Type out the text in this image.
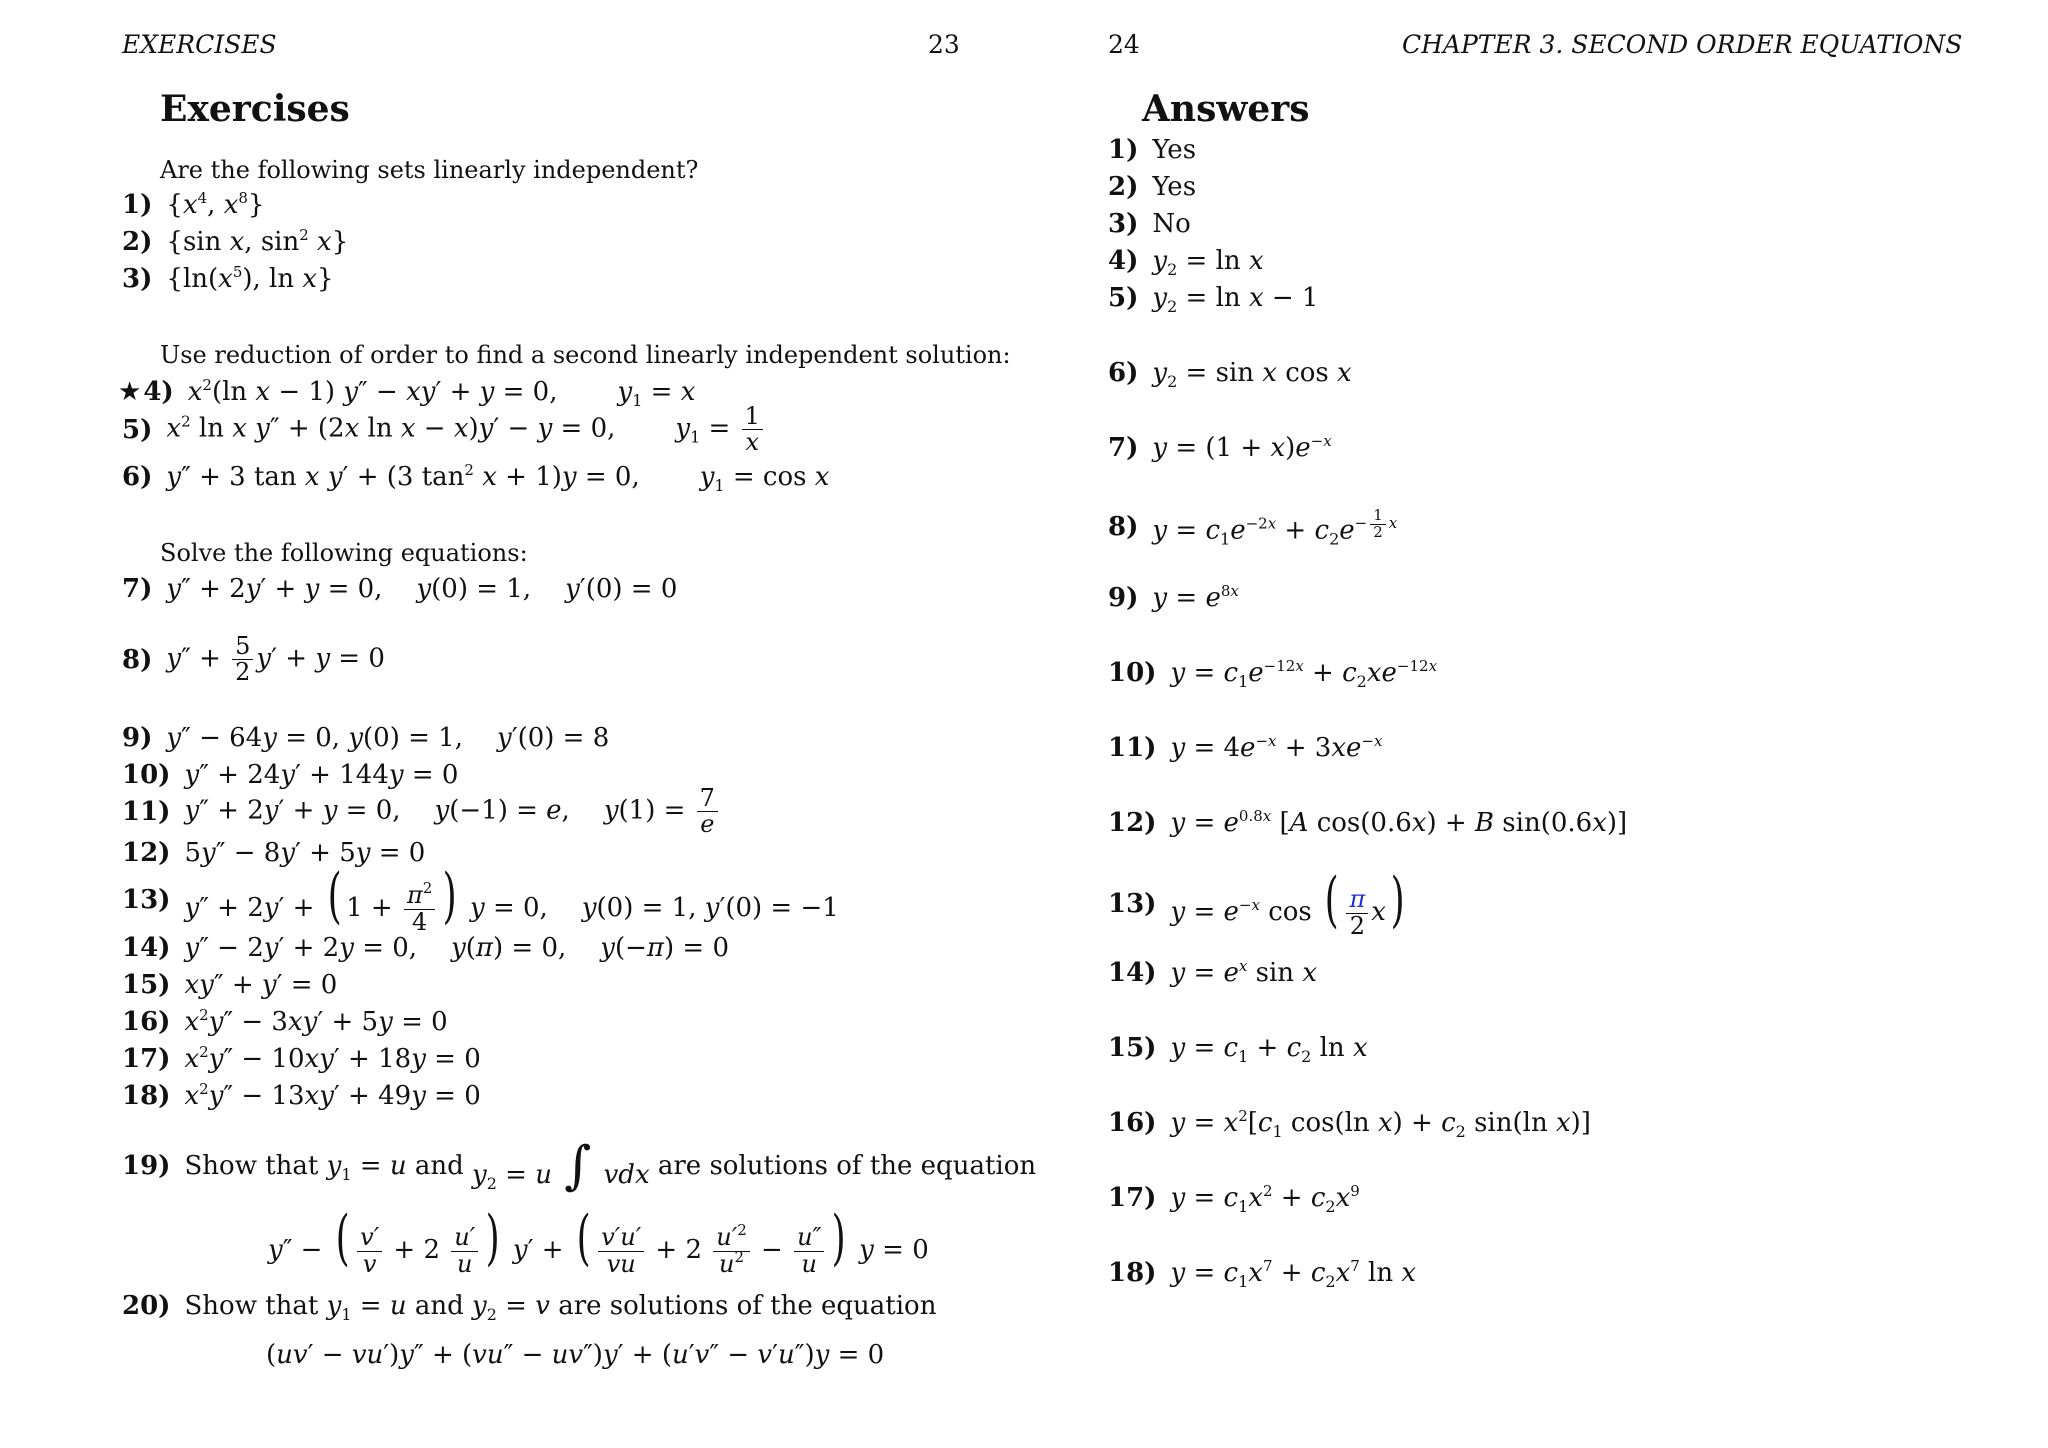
EXERCISES	23
Exercises
Are the following sets linearly independent?
1) {$x^4$, $x^8$}
2) {sin x, $\sin^2 x$}
3) {$\ln(x^5)$, ln x}
Use reduction of order to find a second linearly independent solution:
★ 4) $x^2(\ln$ x − 1) y″ − xy′ + y = 0, $y_1 = x$
5) $x^2$ ln x y″ + (2x ln x − x)y′ − y = 0, $y_1 = \frac{1}{x}$
6) y″ + 3 tan x y′ + (3 $\tan^2 x + 1)y = 0$, $y_1 = \cos x$
Solve the following equations:
7) y″ + 2y′ + y = 0, y(0) = 1, y′(0) = 0
8) $y'' + \frac{5}{2} y' + y = 0$
9) y″ − 64y = 0, y(0) = 1, y′(0) = 8
10) y″ + 24y′ + 144y = 0
11) y″ + 2y′ + y = 0, y(−1) = e, $y(1) = \frac{7}{e}$
12) 5y″ − 8y′ + 5y = 0
13) y″ + 2y′ + ( $1 + \frac{\pi^2}{4}$ ) y = 0, y(0) = 1, y′(0) = −1
14) y″ − 2y′ + 2y = 0, y(π) = 0, y(−π) = 0
15) xy″ + y′ = 0
16) $x^2y'' - 3xy' + 5y = 0$
17) $x^2y'' - 10xy' + 18y = 0$
18) $x^2y'' - 13xy' + 49y = 0$
19) Show that
$y_1 = u$
and
$y_2 = u$ ∫ vdx
are solutions of the equation
y″ − ( $\frac{v'}{v} + 2 \frac{u'}{u}$ ) y′ + ( $\frac{v'u'}{vu} + 2 \frac{u'^2}{u^2} - \frac{u''}{u}$ ) y = 0
20) Show that
$y_1 = u$
and
$y_2 = v$
are solutions of the equation
(uv′ − vu′)y″ + (vu″ − uv″)y′ + (u′v″ − v′u″)y = 0
24	CHAPTER 3. SECOND ORDER EQUATIONS
Answers
1) Yes
2) Yes
3) No
4) $y_2 = \ln x$
5) $y_2 = \ln x - 1$
6) $y_2 = \sin x$ cos x
7) $y = (1 + x)e^{-x}$
8) $y = c_1e^{-2x} + c_2e^{- \frac{1}{2} x}$
9) $y = e^{8x}$
10) $y = c_1e^{-12x} + c_2xe^{-12x}$
11) $y = 4e^{-x} + 3xe^{-x}$
12) $y = e^{0.8x}$ [A cos(0.6x) + B sin(0.6x)]
13) $y = e^{-x}$ cos ( $\frac{\pi}{2} x$)
14) $y = e^x$ sin x
15) $y = c_1 + c_2$ ln x
16) $y = x^2[c_1$ cos(ln $x) + c_2$ sin(ln x)]
17) $y = c_1x^2 + c_2x^9$
18) $y = c_1x^7 + c_2x^7$ ln x
